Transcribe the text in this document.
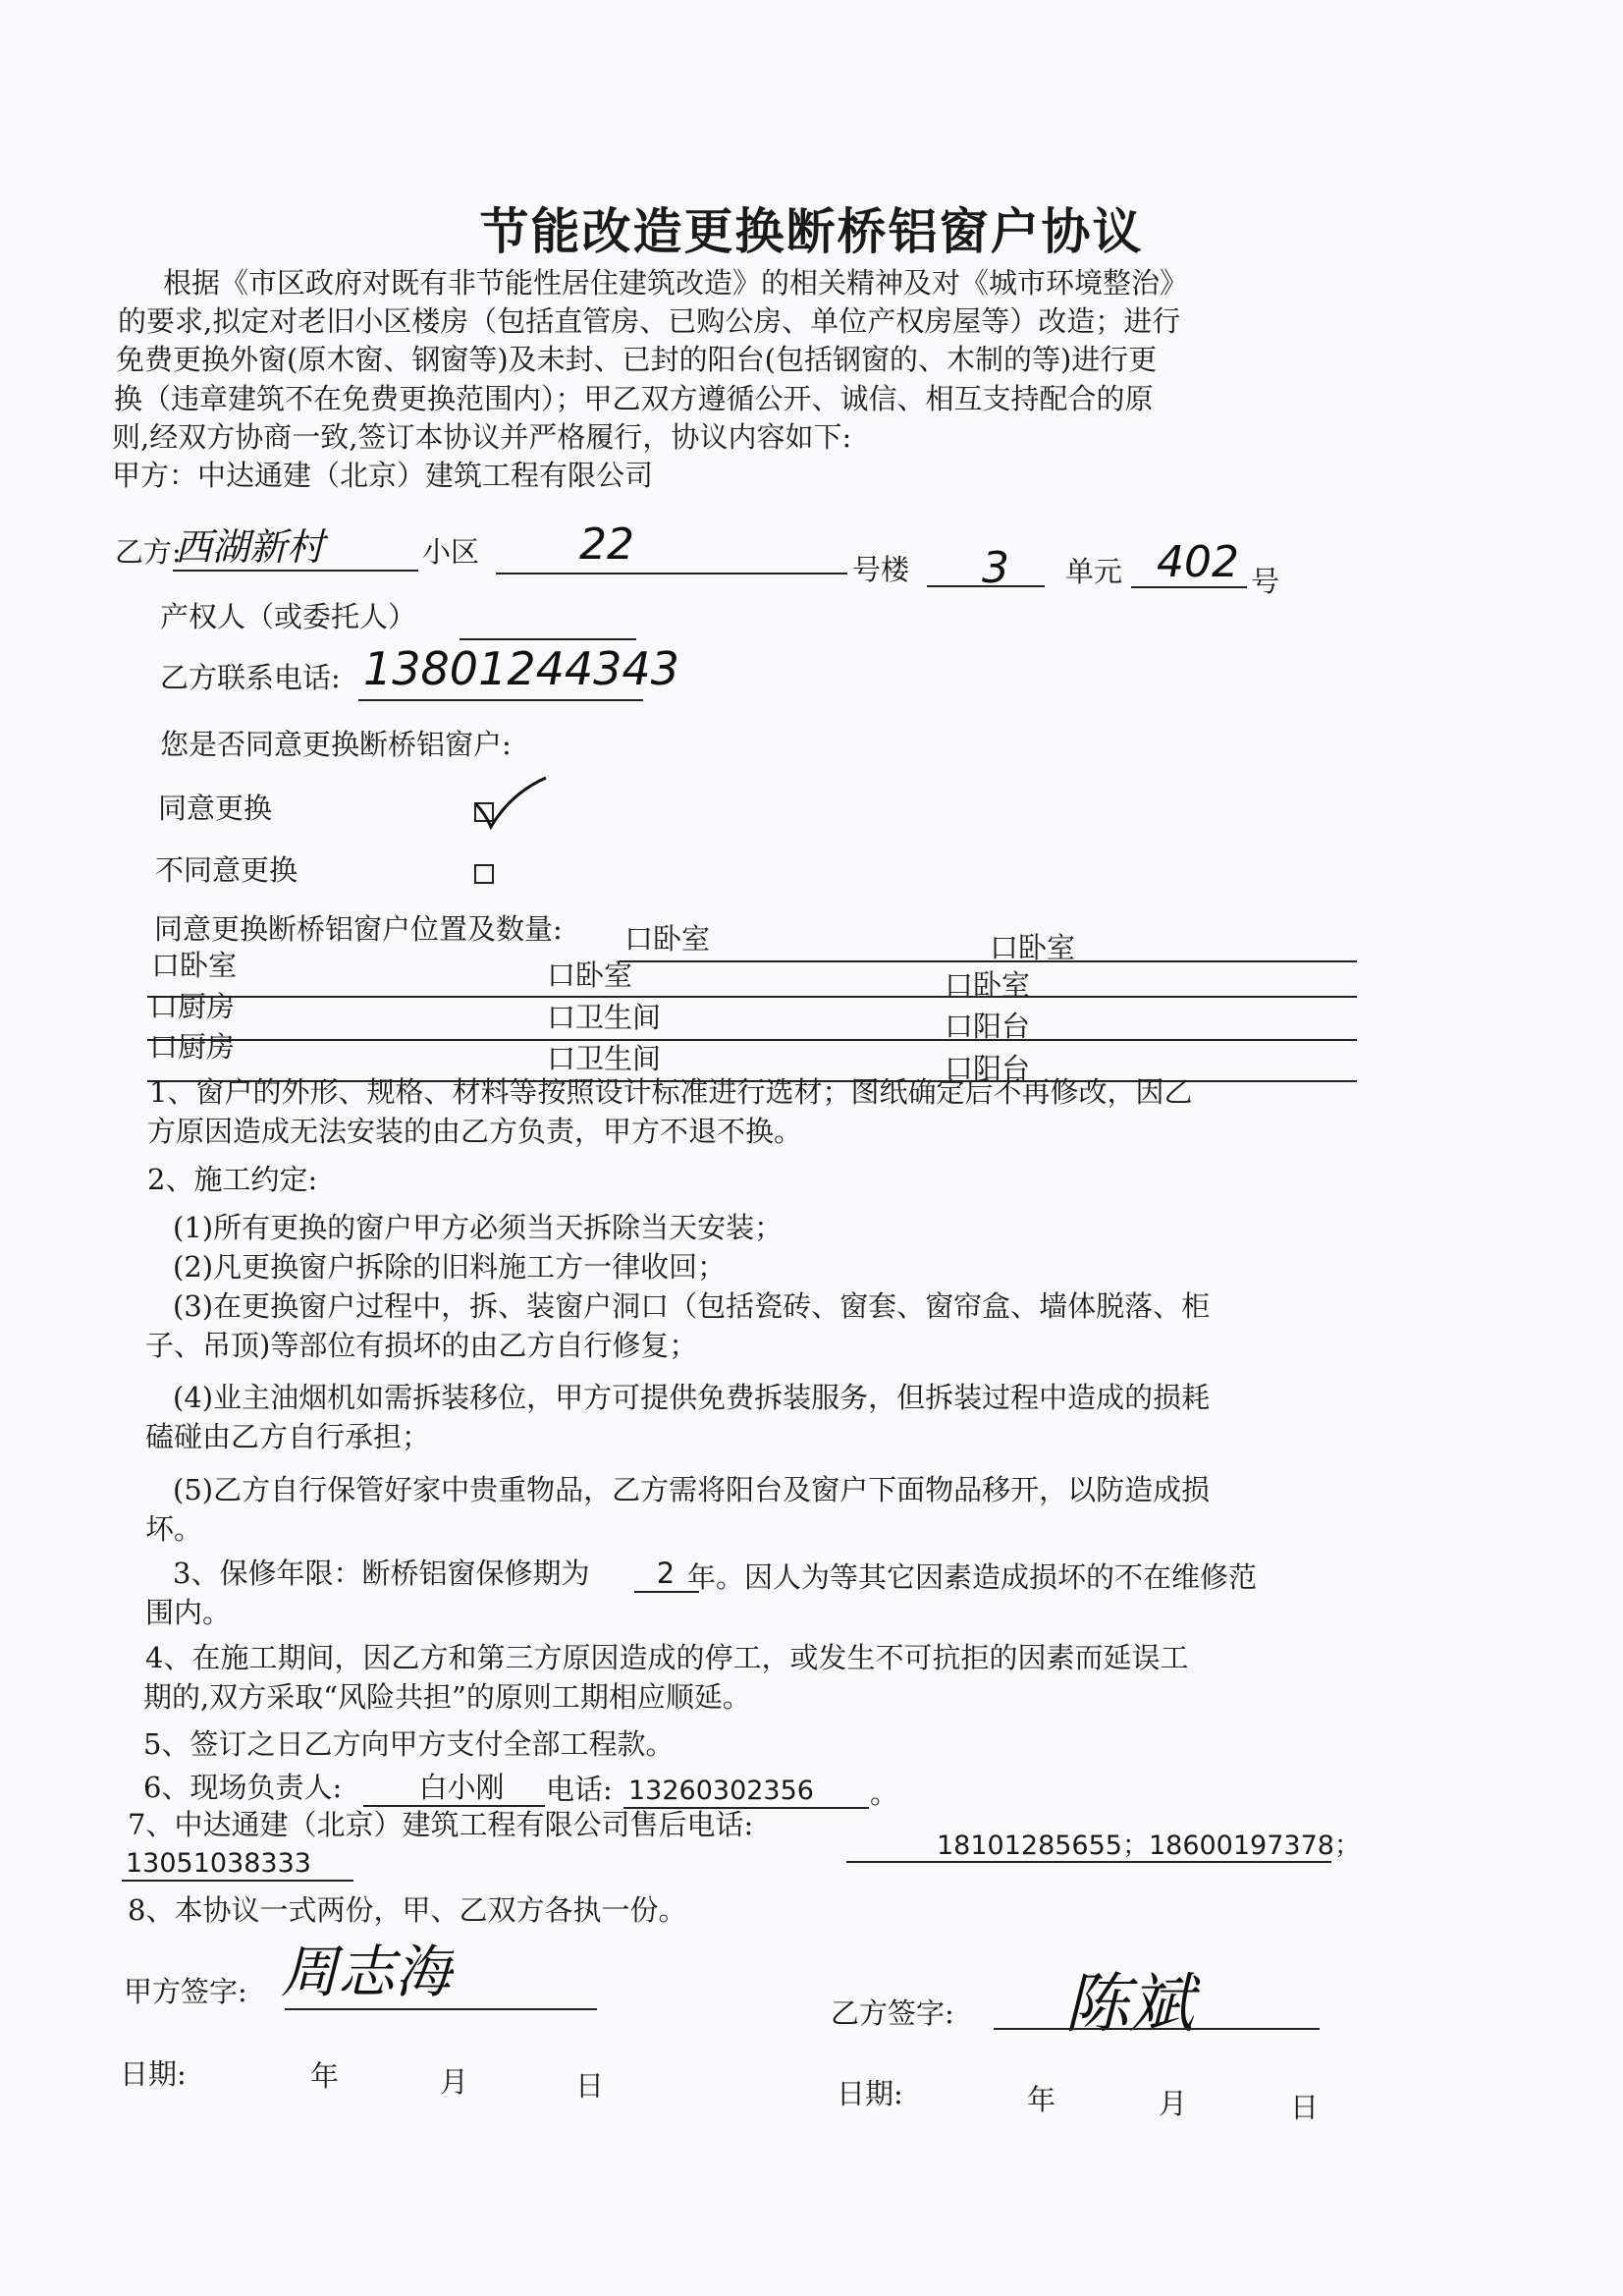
节能改造更换断桥铝窗户协议
根据《市区政府对既有非节能性居住建筑改造》的相关精神及对《城市环境整治》
的要求,拟定对老旧小区楼房（包括直管房、已购公房、单位产权房屋等）改造；进行
免费更换外窗(原木窗、钢窗等)及未封、已封的阳台(包括钢窗的、木制的等)进行更
换（违章建筑不在免费更换范围内）；甲乙双方遵循公开、诚信、相互支持配合的原
则,经双方协商一致,签订本协议并严格履行，协议内容如下:
甲方：中达通建（北京）建筑工程有限公司
乙方:
西湖新村	小区 22	号楼 3 单元 402 号
产权人（或委托人）
乙方联系电话: 13801244343
您是否同意更换断桥铝窗户:
同意更换
不同意更换
同意更换断桥铝窗户位置及数量: 口卧室	口卧室
口卧室	口卧室	口卧室
口厨房	口卫生间	口阳台
口厨房	口卫生间	口阳台
1、窗户的外形、规格、材料等按照设计标准进行选材；图纸确定后不再修改，因乙
方原因造成无法安装的由乙方负责，甲方不退不换。
2、施工约定:
(1)所有更换的窗户甲方必须当天拆除当天安装；
(2)凡更换窗户拆除的旧料施工方一律收回；
(3)在更换窗户过程中，拆、装窗户洞口（包括瓷砖、窗套、窗帘盒、墙体脱落、柜
子、吊顶)等部位有损坏的由乙方自行修复；
(4)业主油烟机如需拆装移位，甲方可提供免费拆装服务，但拆装过程中造成的损耗
磕碰由乙方自行承担；
(5)乙方自行保管好家中贵重物品，乙方需将阳台及窗户下面物品移开，以防造成损
坏。
3、保修年限：断桥铝窗保修期为	2 年。因人为等其它因素造成损坏的不在维修范
围内。
4、在施工期间，因乙方和第三方原因造成的停工，或发生不可抗拒的因素而延误工
期的,双方采取“风险共担”的原则工期相应顺延。
5、签订之日乙方向甲方支付全部工程款。
6、现场负责人:	白小刚	电话: 13260302356 。
7、中达通建（北京）建筑工程有限公司售后电话:
18101285655；18600197378；
13051038333
8、本协议一式两份，甲、乙双方各执一份。
甲方签字: 周志海
乙方签字: 陈斌
日期:	年	月	日	日期:	年	月	日
